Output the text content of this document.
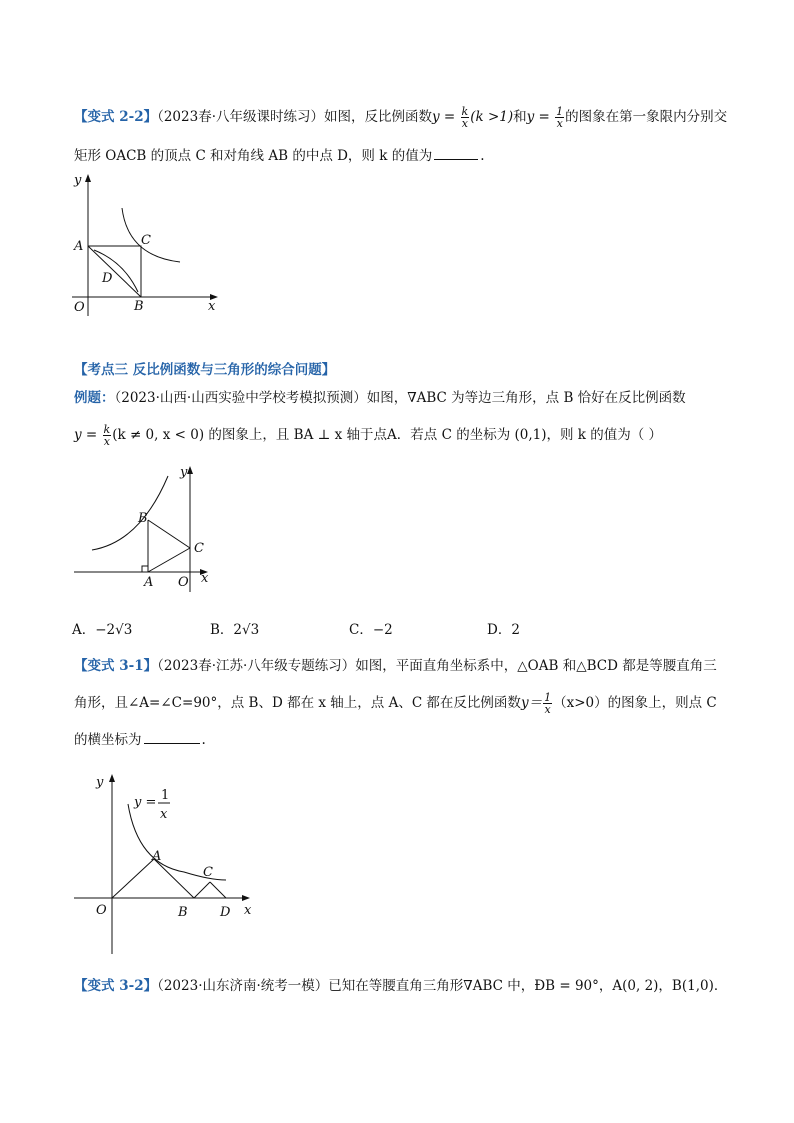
【变式 2-2】（2023春·八年级课时练习）如图，反比例函数$y = \frac{k}{x} (k >1)$和$y = \frac{1}{x}$ 的图象在第一象限内分别交
矩形 OACB 的顶点 C 和对角线 AB 的中点 D，则 k 的值为	.
y
A	C
D
O	B	x
【考点三 反比例函数与三角形的综合问题】
例题：（2023·山西·山西实验中学校考模拟预测）如图，∇ABC 为等边三角形，点 B 恰好在反比例函数
$y = \frac{k}{x} (k \ne 0$, x < 0) 的图象上，且 BA ⊥ x 轴于点A．若点 C 的坐标为 (0,1)，则 k 的值为（ ）
y
B
C
A O x
A．−2√3	B．2√3	C．−2	D．2
【变式 3-1】（2023春·江苏·八年级专题练习）如图，平面直角坐标系中，△OAB 和△BCD 都是等腰直角三
角形，且∠A=∠C=90°，点 B、D 都在 x 轴上，点 A、C 都在反比例函数$y= \frac{1}{x} (x>0)$的图象上，则点 C
的横坐标为	.
y
y = 1
x
A
C
O	B D x
【变式 3-2】（2023·山东济南·统考一模）已知在等腰直角三角形∇ABC 中，ÐB = 90°，A(0, 2)，B(1,0)．
